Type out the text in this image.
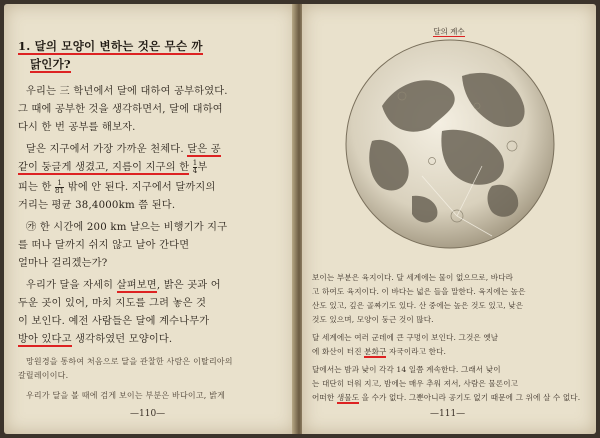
1. 달의 모양이 변하는 것은 무슨 까
닭인가?
우리는 三 학년에서 달에 대하여 공부하였다.
그 때에 공부한 것을 생각하면서, 달에 대하여
다시 한 번 공부를 해보자.
달은 지구에서 가장 가까운 천체다. 달은 공
같이 둥글게 생겼고, 지름이 지구의 한 $\frac{1}{4}$ 부
피는 한 $\frac{1}{81}$ 밖에 안 된다. 지구에서 달까지의
거리는 평균 38,4000km 쯤 된다.
㉮ 한 시간에 200 km 날으는 비행기가 지구
를 떠나 달까지 쉬지 않고 날아 간다면
얼마나 걸리겠는가?
우리가 달을 자세히 살펴보면, 밝은 곳과 어
두운 곳이 있어, 마치 지도를 그려 놓은 것
이 보인다. 예전 사람들은 달에 계수나무가
방아 있다고 생각하였던 모양이다.
망원경을 통하여 처음으로 달을 관찰한 사람은 이탈리아의
갈릴레이이다.
우리가 달을 볼 때에 검게 보이는 부분은 바다이고, 밝게
—110—
달의 계수
보이는 부분은 육지이다. 달 세계에는 물이 없으므로, 바다라
고 하여도 육지이다. 이 바다는 넓은 들을 말한다. 육지에는 높은
산도 있고, 깊은 골짜기도 있다. 산 중에는 높은 것도 있고, 낮은
것도 있으며, 모양이 둥근 것이 많다.
달 세계에는 여러 군데에 큰 구멍이 보인다. 그것은 옛날
에 화산이 터진 분화구 자국이라고 한다.
달에서는 밤과 낮이 각각 14 일쯤 계속한다. 그래서 낮이
는 대단히 더워 지고, 밤에는 매우 추워 져서, 사람은 물론이고
어떠한 생물도 을 수가 없다. 그뿐아니라 공기도 없기 때문에 그 위에 살 수 없다.
—111—
